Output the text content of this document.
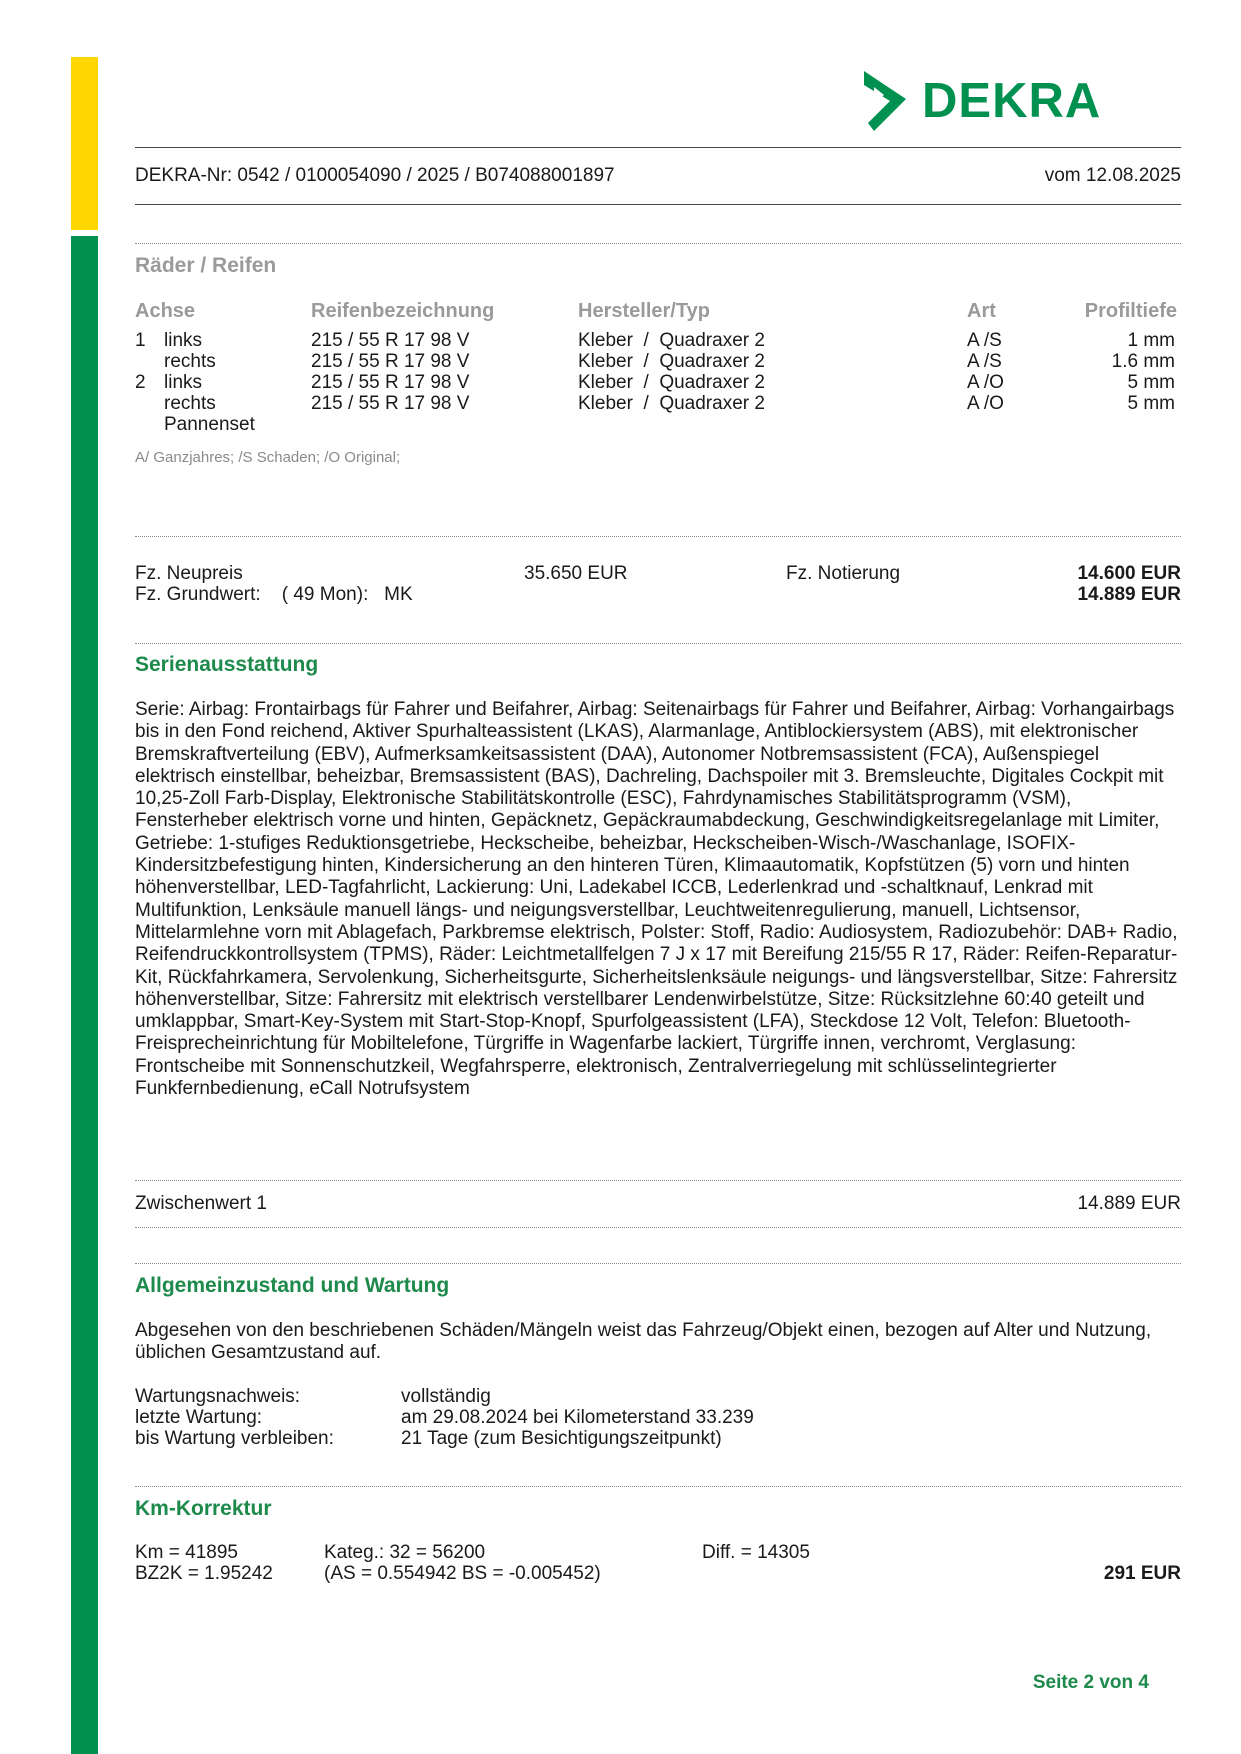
DEKRA
DEKRA-Nr: 0542 / 0100054090 / 2025 / B074088001897	vom 12.08.2025
Räder / Reifen
Achse	Reifenbezeichnung	Hersteller/Typ	Art	Profiltiefe
1 links	215 / 55 R 17 98 V	Kleber  /  Quadraxer 2	A /S	1 mm
rechts	215 / 55 R 17 98 V	Kleber  /  Quadraxer 2	A /S	1.6 mm
2 links	215 / 55 R 17 98 V	Kleber  /  Quadraxer 2	A /O	5 mm
rechts	215 / 55 R 17 98 V	Kleber  /  Quadraxer 2	A /O	5 mm
Pannenset
A/ Ganzjahres; /S Schaden; /O Original;
Fz. Neupreis	35.650 EUR	Fz. Notierung	14.600 EUR
Fz. Grundwert:    ( 49 Mon):   MK	14.889 EUR
Serienausstattung
Serie: Airbag: Frontairbags für Fahrer und Beifahrer, Airbag: Seitenairbags für Fahrer und Beifahrer, Airbag: Vorhangairbags bis in den Fond reichend, Aktiver Spurhalteassistent (LKAS), Alarmanlage, Antiblockiersystem (ABS), mit elektronischer Bremskraftverteilung (EBV), Aufmerksamkeitsassistent (DAA), Autonomer Notbremsassistent (FCA), Außenspiegel elektrisch einstellbar, beheizbar, Bremsassistent (BAS), Dachreling, Dachspoiler mit 3. Bremsleuchte, Digitales Cockpit mit 10,25-Zoll Farb-Display, Elektronische Stabilitätskontrolle (ESC), Fahrdynamisches Stabilitätsprogramm (VSM), Fensterheber elektrisch vorne und hinten, Gepäcknetz, Gepäckraumabdeckung, Geschwindigkeitsregelanlage mit Limiter, Getriebe: 1-stufiges Reduktionsgetriebe, Heckscheibe, beheizbar, Heckscheiben-Wisch-/Waschanlage, ISOFIX-Kindersitzbefestigung hinten, Kindersicherung an den hinteren Türen, Klimaautomatik, Kopfstützen (5) vorn und hinten höhenverstellbar, LED-Tagfahrlicht, Lackierung: Uni, Ladekabel ICCB, Lederlenkrad und -schaltknauf, Lenkrad mit Multifunktion, Lenksäule manuell längs- und neigungsverstellbar, Leuchtweitenregulierung, manuell, Lichtsensor, Mittelarmlehne vorn mit Ablagefach, Parkbremse elektrisch, Polster: Stoff, Radio: Audiosystem, Radiozubehör: DAB+ Radio, Reifendruckkontrollsystem (TPMS), Räder: Leichtmetallfelgen 7 J x 17 mit Bereifung 215/55 R 17, Räder: Reifen-Reparatur-Kit, Rückfahrkamera, Servolenkung, Sicherheitsgurte, Sicherheitslenksäule neigungs- und längsverstellbar, Sitze: Fahrersitz höhenverstellbar, Sitze: Fahrersitz mit elektrisch verstellbarer Lendenwirbelstütze, Sitze: Rücksitzlehne 60:40 geteilt und umklappbar, Smart-Key-System mit Start-Stop-Knopf, Spurfolgeassistent (LFA), Steckdose 12 Volt, Telefon: Bluetooth-Freisprecheinrichtung für Mobiltelefone, Türgriffe in Wagenfarbe lackiert, Türgriffe innen, verchromt, Verglasung: Frontscheibe mit Sonnenschutzkeil, Wegfahrsperre, elektronisch, Zentralverriegelung mit schlüsselintegrierter Funkfernbedienung, eCall Notrufsystem
Zwischenwert 1	14.889 EUR
Allgemeinzustand und Wartung
Abgesehen von den beschriebenen Schäden/Mängeln weist das Fahrzeug/Objekt einen, bezogen auf Alter und Nutzung, üblichen Gesamtzustand auf.
Wartungsnachweis:	vollständig
letzte Wartung:	am 29.08.2024 bei Kilometerstand 33.239
bis Wartung verbleiben:	21 Tage (zum Besichtigungszeitpunkt)
Km-Korrektur
Km = 41895	Kateg.: 32 = 56200	Diff. = 14305
BZ2K = 1.95242	(AS = 0.554942 BS = -0.005452)	291 EUR
Seite 2 von 4
